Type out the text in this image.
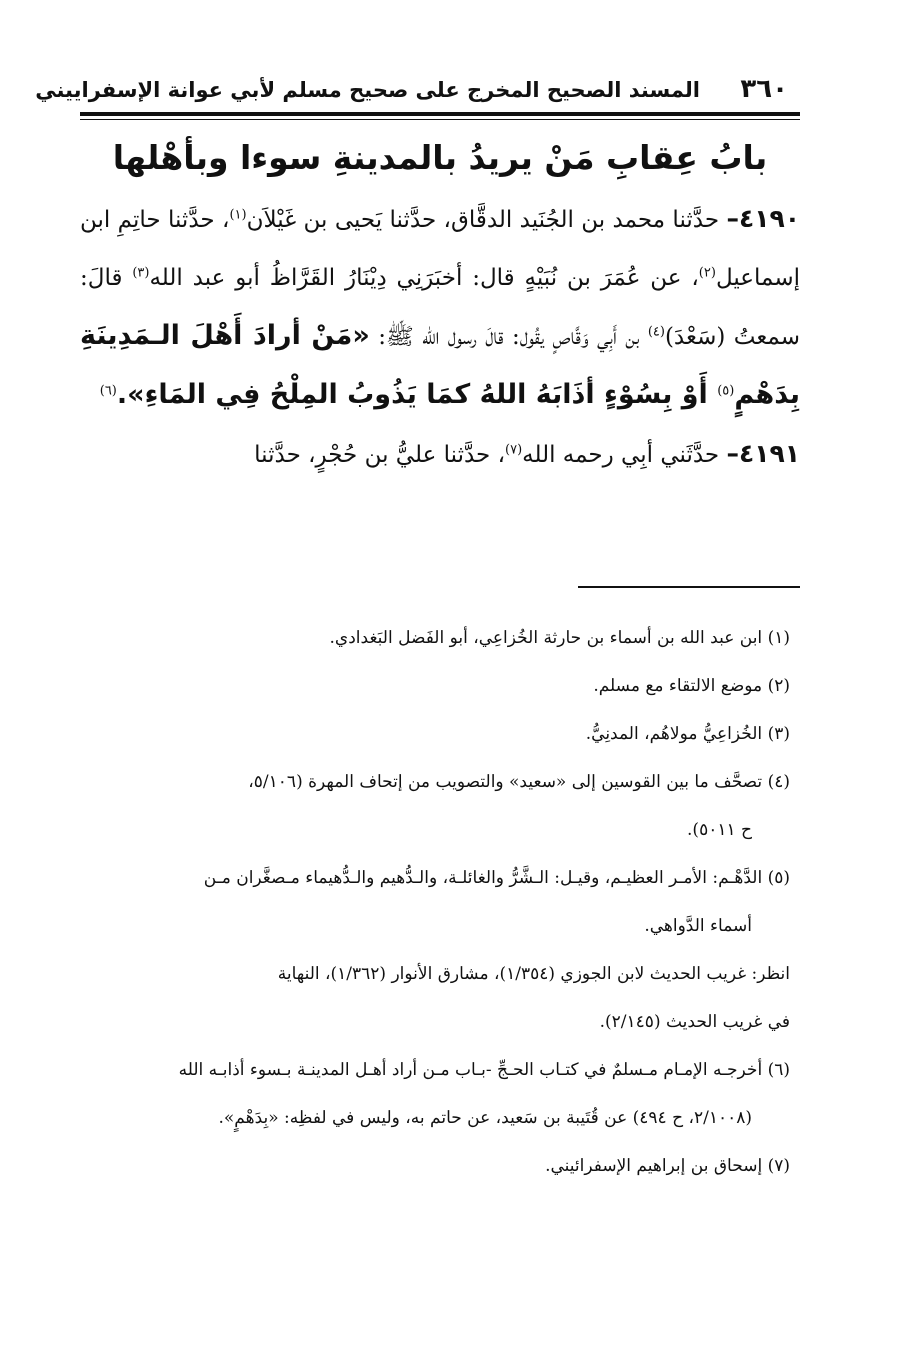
٣٦٠
المسند الصحيح المخرج على صحيح مسلم لأبي عوانة الإسفراييني
بابُ عِقابِ مَنْ يريدُ بالمدينةِ سوءا وبأهْلها

٤١٩٠– حدَّثنا محمد بن الجُنَيد الدقَّاق، حدَّثنا يَحيى بن غَيْلاَن$^{(١)}$، حدَّثنا حاتِمِ ابن إسماعيل$^{(٢)}$، عن عُمَرَ بن نُبَيْهٍ قال: أخبَرَنِي دِيْنَارُ القَرَّاظُ أبو عبد الله$^{(٣)}$ قالَ: سمعتُ (سَعْدَ)$^{(٤)}$ بن أَبِي وَقَّاصٍ يقُول: قالَ رسول الله ﷺ: «مَنْ أرادَ أَهْلَ الـمَدِينَةِ بِدَهْمٍ$^{(٥)}$ أَوْ بِسُوْءٍ أذَابَهُ اللهُ كمَا يَذُوبُ المِلْحُ فِي المَاءِ».$^{(٦)}$

٤١٩١– حدَّثَني أبِي رحمه الله$^{(٧)}$، حدَّثنا عليُّ بن حُجْرٍ، حدَّثنا

(١) ابن عبد الله بن أسماء بن حارثة الخُزاعِي، أبو الفَضل البَغدادي.

(٢) موضع الالتقاء مع مسلم.

(٣) الخُزاعِيُّ مولاهُم، المدنِيُّ.

(٤) تصحَّف ما بين القوسين إلى «سعيد» والتصويب من إتحاف المهرة (٥/١٠٦،

ح ٥٠١١).

(٥) الدَّهْـم: الأمـر العظيـم، وقيـل: الـشَّرُّ والغائلـة، والـدُّهيم والـدُّهيماء مـصغَّران مـن

أسماء الدَّواهي.

انظر: غريب الحديث لابن الجوزي (١/٣٥٤)، مشارق الأنوار (١/٣٦٢)، النهاية

في غريب الحديث (٢/١٤٥).

(٦) أخرجـه الإمـام مـسلمٌ في كتـاب الحـجِّ -بـاب مـن أراد أهـل المدينـة بـسوء أذابـه الله

(٢/١٠٠٨، ح ٤٩٤) عن قُتَيبة بن سَعيد، عن حاتم به، وليس في لفظِه: «بِدَهْمٍ».

(٧) إسحاق بن إبراهيم الإسفرائيني.
